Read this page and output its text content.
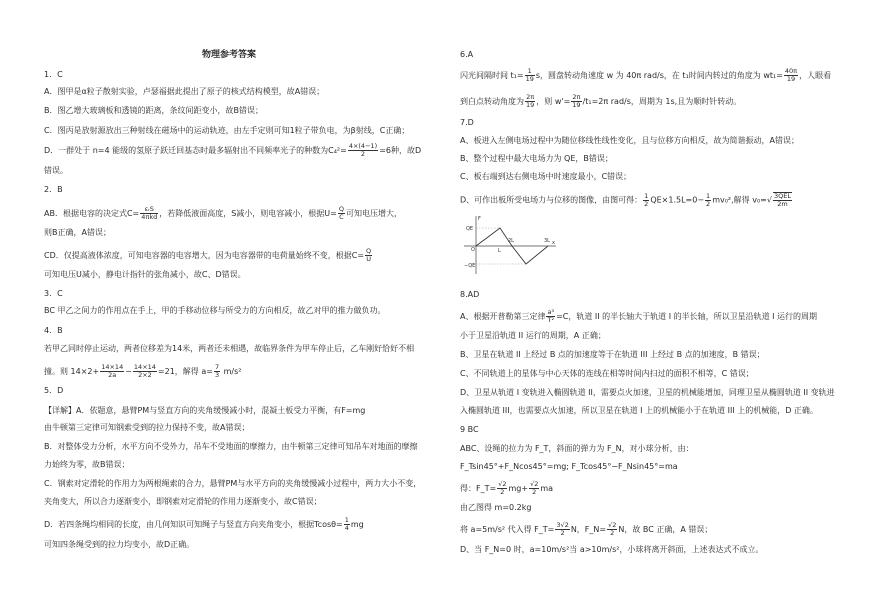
物理参考答案
1．C
A．图甲是α粒子散射实验，卢瑟福据此提出了原子的核式结构模型，故A错误；
B．图乙增大玻璃板和透镜的距离，条纹间距变小，故B错误；
C．图丙是放射源放出三种射线在磁场中的运动轨迹，由左手定则可知1粒子带负电，为β射线，C正确；
D．一群处于 n=4 能级的氢原子跃迁回基态时最多辐射出不同频率光子的种数为$C_4^2= \frac{4\times(4-1)}{2} =6$种，故D
错误。
2．B
AB．根据电容的决定式$C= \frac{\text{εᵣS}}{\text{4πkd}}$ ，若降低液面高度，S减小，则电容减小，根据$U= \frac{Q}{C}$ 可知电压增大，
则B正确，A错误；
CD．仅提高液体浓度，可知电容器的电容增大，因为电容器带的电荷量始终不变，根据$C= \frac{Q}{U}$
可知电压U减小，静电计指针的张角减小，故C、D错误。
3．C
BC 甲乙之间力的作用点在手上，甲的手移动位移与所受力的方向相反，故乙对甲的推力做负功。
4．B
若甲乙同时停止运动，两者位移差为14米，两者还未相遇，故临界条件为甲车停止后，乙车刚好恰好不相
撞。则 $14\times 2+ \frac{14\times 14}{2a} - \frac{14\times 14}{2\times 2} =21$，解得 $a= \frac{7}{3} m/s^2$
5．D
【详解】A．依题意，悬臂PM与竖直方向的夹角缓慢减小时，混凝土板受力平衡，有F=mg
由牛顿第三定律可知钢索受到的拉力保持不变，故A错误；
B．对整体受力分析，水平方向不受外力，吊车不受地面的摩擦力，由牛顿第三定律可知吊车对地面的摩擦
力始终为零，故B错误；
C．钢索对定滑轮的作用力为两根绳索的合力，悬臂PM与水平方向的夹角缓慢减小过程中，两力大小不变，
夹角变大，所以合力逐渐变小，即钢索对定滑轮的作用力逐渐变小，故C错误；
D．若四条绳均相同的长度，由几何知识可知绳子与竖直方向夹角变小，根据$Tcos\theta= \frac{1}{4}$ mg
可知四条绳受到的拉力均变小，故D正确。
6.A
闪光间隔时间 $t_1= \frac{1}{19}$ s，圆盘转动角速度 w 为 40π rad/s，在 t₁时间内转过的角度为 $wt_1= \frac{40\pi}{19}$ ，人眼看
到白点转动角度为 $\frac{2\pi}{19}$ ，则 $w'= \frac{2\pi}{19} /t_1=2\pi$ rad/s，周期为 1s,且为顺时针转动。
7.D
A、板进入左侧电场过程中为随位移线性线性变化，且与位移方向相反，故为简谐振动，A错误；
B、整个过程中最大电场力为 QE，B错误；
C、板右端到达右侧电场中时速度最小，C错误；
D、可作出板所受电场力与位移的图像，由图可得： $\frac{1}{2} QE\times 1.5L=0- \frac{1}{2} mv_0^2$,解得 $v_0=√ \frac{\text{3QEL}}{2m}$
QE
−QE
F
x
O	L
2L	3L
8.AD
A、根据开普勒第三定律 $\frac{\text{a³}}{\text{T²}} =C$，轨道 II 的半长轴大于轨道 I 的半长轴，所以卫星沿轨道 I 运行的周期
小于卫星沿轨道 II 运行的周期，A 正确；
B、卫星在轨道 II 上经过 B 点的加速度等于在轨道 III 上经过 B 点的加速度，B 错误；
C、不同轨道上的星体与中心天体的连线在相等时间内扫过的面积不相等，C 错误；
D、卫星从轨道 I 变轨进入椭圆轨道 II，需要点火加速，卫星的机械能增加，同理卫星从椭圆轨道 II 变轨进
入椭圆轨道 III，也需要点火加速，所以卫星在轨道 I 上的机械能小于在轨道 III 上的机械能，D 正确。
9 BC
ABC、设绳的拉力为 F_T，斜面的弹力为 F_N，对小球分析，由：
F_Tsin45°+F_Ncos45°=mg; F_Tcos45°−F_Nsin45°=ma
得：F_T= $\frac{√2}{2} mg+ \frac{√2}{2}$ ma
由乙图得 m=0.2kg
将 a=5m/s² 代入得 F_T= $\frac{3√2}{2}$ N，F_N= $\frac{√2}{2}$ N，故 BC 正确，A 错误；
D、当 F_N=0 时，a=10m/s²当 a>10m/s²，小球将离开斜面，上述表达式不成立。
